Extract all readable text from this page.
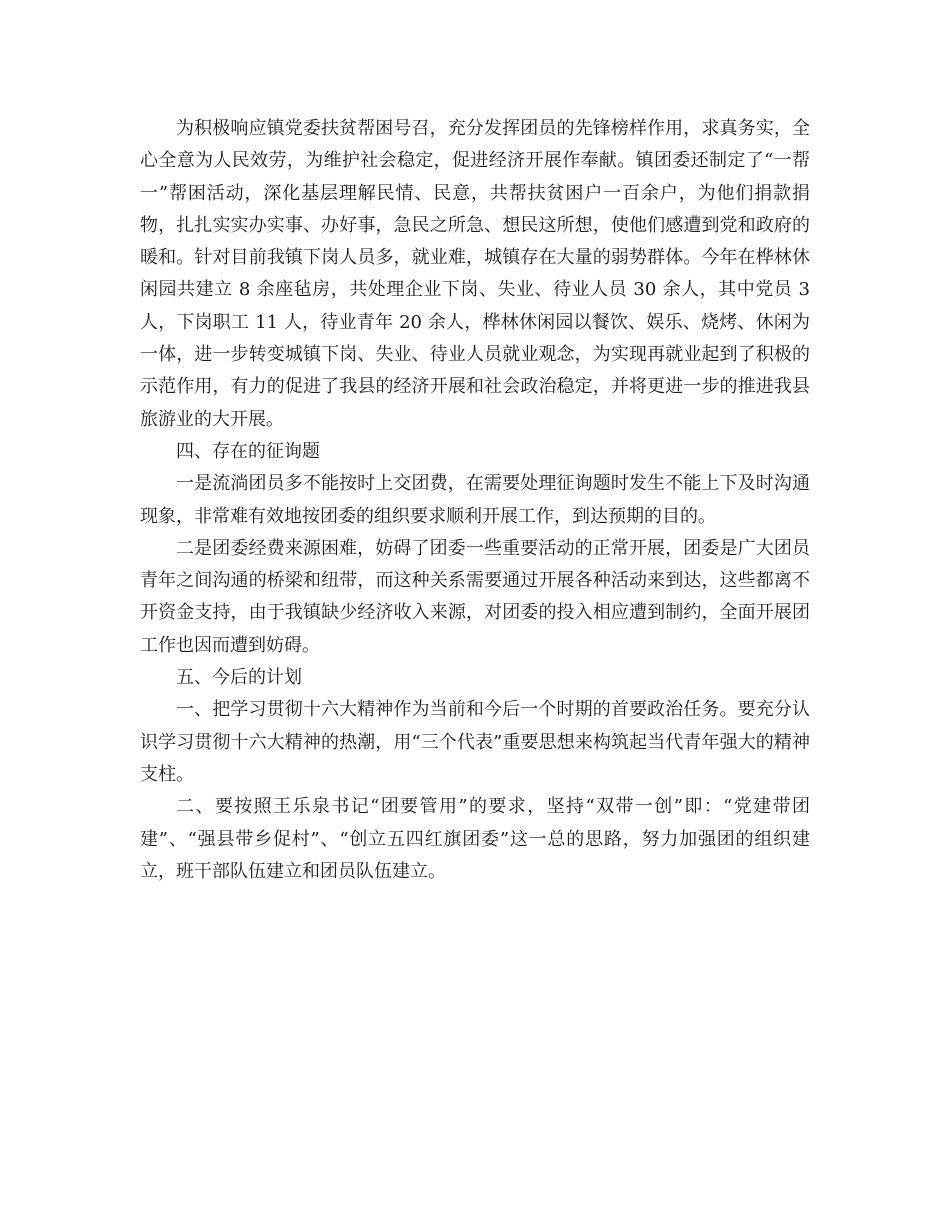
为积极响应镇党委扶贫帮困号召，充分发挥团员的先锋榜样作用，求真务实，全心全意为人民效劳，为维护社会稳定，促进经济开展作奉献。镇团委还制定了“一帮一”帮困活动，深化基层理解民情、民意，共帮扶贫困户一百余户，为他们捐款捐物，扎扎实实办实事、办好事，急民之所急、想民这所想，使他们感遭到党和政府的暖和。针对目前我镇下岗人员多，就业难，城镇存在大量的弱势群体。今年在桦林休闲园共建立 8 余座毡房，共处理企业下岗、失业、待业人员 30 余人，其中党员 3 人，下岗职工 11 人，待业青年 20 余人，桦林休闲园以餐饮、娱乐、烧烤、休闲为一体，进一步转变城镇下岗、失业、待业人员就业观念，为实现再就业起到了积极的示范作用，有力的促进了我县的经济开展和社会政治稳定，并将更进一步的推进我县旅游业的大开展。

四、存在的征询题

一是流淌团员多不能按时上交团费，在需要处理征询题时发生不能上下及时沟通现象，非常难有效地按团委的组织要求顺利开展工作，到达预期的目的。

二是团委经费来源困难，妨碍了团委一些重要活动的正常开展，团委是广大团员青年之间沟通的桥梁和纽带，而这种关系需要通过开展各种活动来到达，这些都离不开资金支持，由于我镇缺少经济收入来源，对团委的投入相应遭到制约，全面开展团工作也因而遭到妨碍。

五、今后的计划

一、把学习贯彻十六大精神作为当前和今后一个时期的首要政治任务。要充分认识学习贯彻十六大精神的热潮，用“三个代表”重要思想来构筑起当代青年强大的精神支柱。

二、要按照王乐泉书记“团要管用”的要求，坚持“双带一创”即：“党建带团建”、“强县带乡促村”、“创立五四红旗团委”这一总的思路，努力加强团的组织建立，班干部队伍建立和团员队伍建立。
